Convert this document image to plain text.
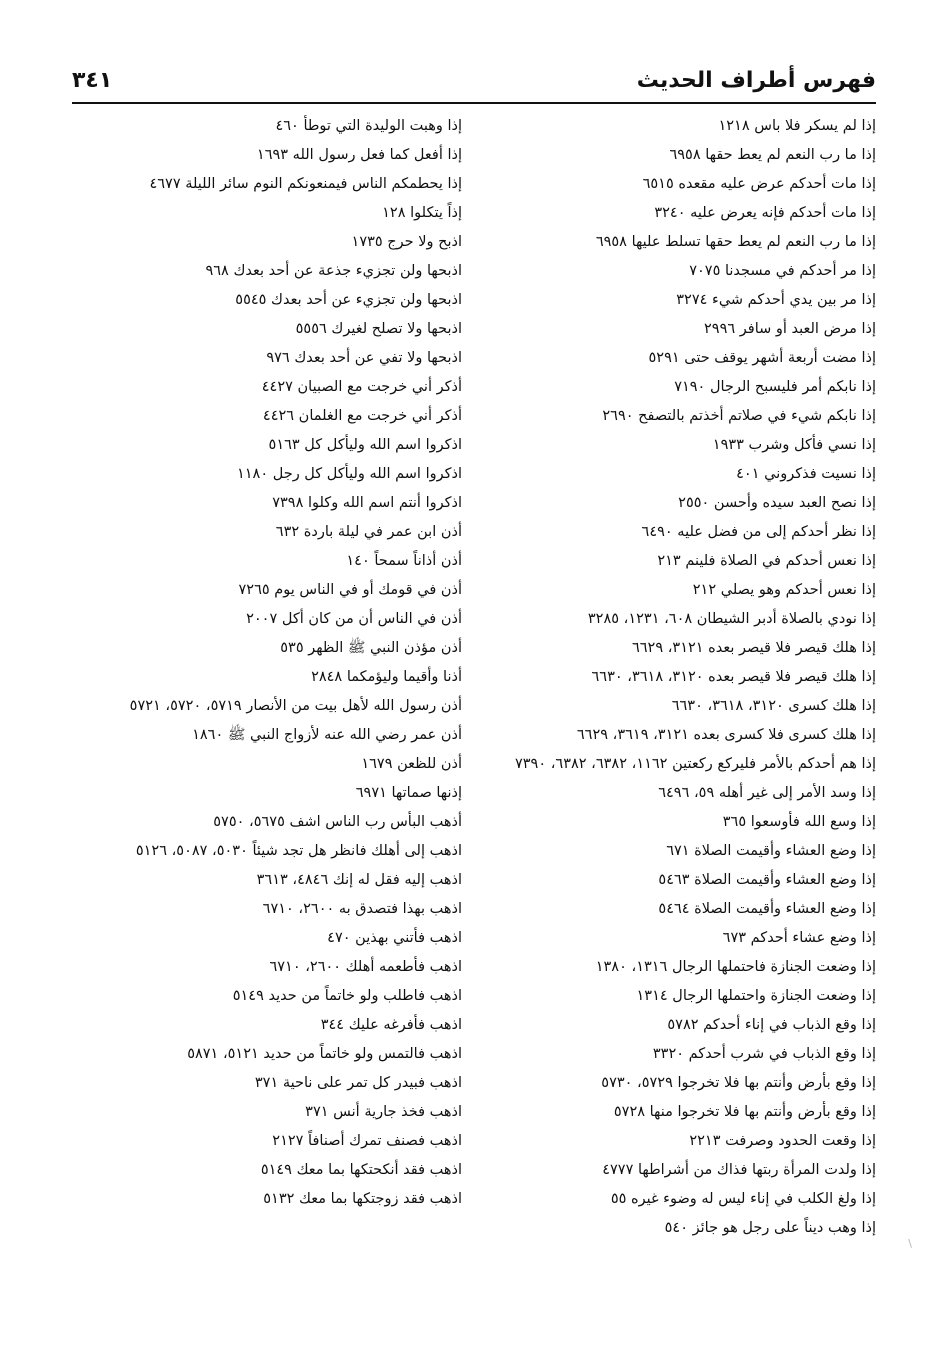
فهرس أطراف الحديث
٣٤١
إذا لم يسكر فلا باس ١٢١٨
إذا ما رب النعم لم يعط حقها ٦٩٥٨
إذا مات أحدكم عرض عليه مقعده ٦٥١٥
إذا مات أحدكم فإنه يعرض عليه ٣٢٤٠
إذا ما رب النعم لم يعط حقها تسلط عليها ٦٩٥٨
إذا مر أحدكم في مسجدنا ٧٠٧٥
إذا مر بين يدي أحدكم شيء ٣٢٧٤
إذا مرض العبد أو سافر ٢٩٩٦
إذا مضت أربعة أشهر يوقف حتى ٥٢٩١
إذا نابكم أمر فليسبح الرجال ٧١٩٠
إذا نابكم شيء في صلاتم أخذتم بالتصفح ٢٦٩٠
إذا نسي فأكل وشرب ١٩٣٣
إذا نسيت فذكروني ٤٠١
إذا نصح العبد سيده وأحسن ٢٥٥٠
إذا نظر أحدكم إلى من فضل عليه ٦٤٩٠
إذا نعس أحدكم في الصلاة فلينم ٢١٣
إذا نعس أحدكم وهو يصلي ٢١٢
إذا نودي بالصلاة أدبر الشيطان ٦٠٨، ١٢٣١، ٣٢٨٥
إذا هلك قيصر فلا قيصر بعده ٣١٢١، ٦٦٢٩
إذا هلك قيصر فلا قيصر بعده ٣١٢٠، ٣٦١٨، ٦٦٣٠
إذا هلك كسرى ٣١٢٠، ٣٦١٨، ٦٦٣٠
إذا هلك كسرى فلا كسرى بعده ٣١٢١، ٣٦١٩، ٦٦٢٩
إذا هم أحدكم بالأمر فليركع ركعتين ١١٦٢، ٦٣٨٢، ٦٣٨٢، ٧٣٩٠
إذا وسد الأمر إلى غير أهله ٥٩، ٦٤٩٦
إذا وسع الله فأوسعوا ٣٦٥
إذا وضع العشاء وأقيمت الصلاة ٦٧١
إذا وضع العشاء وأقيمت الصلاة ٥٤٦٣
إذا وضع العشاء وأقيمت الصلاة ٥٤٦٤
إذا وضع عشاء أحدكم ٦٧٣
إذا وضعت الجنازة فاحتملها الرجال ١٣١٦، ١٣٨٠
إذا وضعت الجنازة واحتملها الرجال ١٣١٤
إذا وقع الذباب في إناء أحدكم ٥٧٨٢
إذا وقع الذباب في شرب أحدكم ٣٣٢٠
إذا وقع بأرض وأنتم بها فلا تخرجوا ٥٧٢٩، ٥٧٣٠
إذا وقع بأرض وأنتم بها فلا تخرجوا منها ٥٧٢٨
إذا وقعت الحدود وصرفت ٢٢١٣
إذا ولدت المرأة ربتها فذاك من أشراطها ٤٧٧٧
إذا ولغ الكلب في إناء ليس له وضوء غيره ٥٥
إذا وهب ديناً على رجل هو جائز ٥٤٠
إذا وهبت الوليدة التي توطأ ٤٦٠
إذا أفعل كما فعل رسول الله ١٦٩٣
إذا يحطمكم الناس فيمنعونكم النوم سائر الليلة ٤٦٧٧
إذاً يتكلوا ١٢٨
اذبح ولا حرج ١٧٣٥
اذبحها ولن تجزيء جذعة عن أحد بعدك ٩٦٨
اذبحها ولن تجزيء عن أحد بعدك ٥٥٤٥
اذبحها ولا تصلح لغيرك ٥٥٥٦
اذبحها ولا تفي عن أحد بعدك ٩٧٦
أذكر أني خرجت مع الصبيان ٤٤٢٧
أذكر أني خرجت مع الغلمان ٤٤٢٦
اذكروا اسم الله وليأكل كل ٥١٦٣
اذكروا اسم الله وليأكل كل رجل ١١٨٠
اذكروا أنتم اسم الله وكلوا ٧٣٩٨
أذن ابن عمر في ليلة باردة ٦٣٢
أذن أذاناً سمحاً ١٤٠
أذن في قومك أو في الناس يوم ٧٢٦٥
أذن في الناس أن من كان أكل ٢٠٠٧
أذن مؤذن النبي ﷺ الظهر ٥٣٥
أذنا وأقيما وليؤمكما ٢٨٤٨
أذن رسول الله لأهل بيت من الأنصار ٥٧١٩، ٥٧٢٠، ٥٧٢١
أذن عمر رضي الله عنه لأزواج النبي ﷺ ١٨٦٠
أذن للظعن ١٦٧٩
إذنها صماتها ٦٩٧١
أذهب البأس رب الناس اشف ٥٦٧٥، ٥٧٥٠
اذهب إلى أهلك فانظر هل تجد شيئاً ٥٠٣٠، ٥٠٨٧، ٥١٢٦
اذهب إليه فقل له إنك ٤٨٤٦، ٣٦١٣
اذهب بهذا فتصدق به ٢٦٠٠، ٦٧١٠
اذهب فأتني بهذين ٤٧٠
اذهب فأطعمه أهلك ٢٦٠٠، ٦٧١٠
اذهب فاطلب ولو خاتماً من حديد ٥١٤٩
اذهب فأفرغه عليك ٣٤٤
اذهب فالتمس ولو خاتماً من حديد ٥١٢١، ٥٨٧١
اذهب فبيدر كل تمر على ناحية ٣٧١
اذهب فخذ جارية أنس ٣٧١
اذهب فصنف تمرك أصنافاً ٢١٢٧
اذهب فقد أنكحتكها بما معك ٥١٤٩
اذهب فقد زوجتكها بما معك ٥١٣٢
\
